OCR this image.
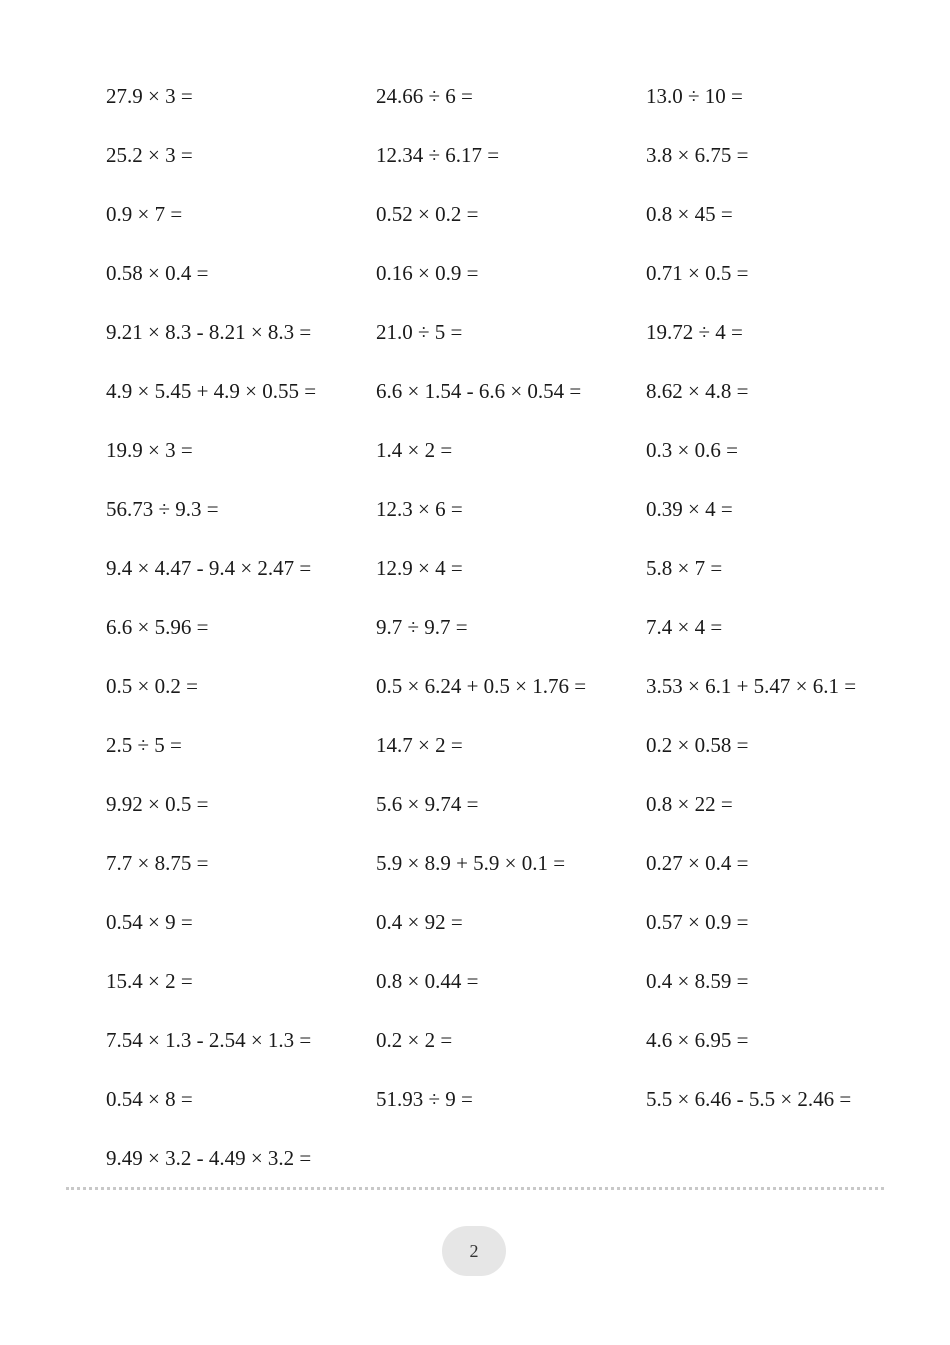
27.9 × 3 =	24.66 ÷ 6 =	13.0 ÷ 10 =
25.2 × 3 =	12.34 ÷ 6.17 =	3.8 × 6.75 =
0.9 × 7 =	0.52 × 0.2 =	0.8 × 45 =
0.58 × 0.4 =	0.16 × 0.9 =	0.71 × 0.5 =
9.21 × 8.3 - 8.21 × 8.3 =	21.0 ÷ 5 =	19.72 ÷ 4 =
4.9 × 5.45 + 4.9 × 0.55 =	6.6 × 1.54 - 6.6 × 0.54 =	8.62 × 4.8 =
19.9 × 3 =	1.4 × 2 =	0.3 × 0.6 =
56.73 ÷ 9.3 =	12.3 × 6 =	0.39 × 4 =
9.4 × 4.47 - 9.4 × 2.47 =	12.9 × 4 =	5.8 × 7 =
6.6 × 5.96 =	9.7 ÷ 9.7 =	7.4 × 4 =
0.5 × 0.2 =	0.5 × 6.24 + 0.5 × 1.76 =	3.53 × 6.1 + 5.47 × 6.1 =
2.5 ÷ 5 =	14.7 × 2 =	0.2 × 0.58 =
9.92 × 0.5 =	5.6 × 9.74 =	0.8 × 22 =
7.7 × 8.75 =	5.9 × 8.9 + 5.9 × 0.1 =	0.27 × 0.4 =
0.54 × 9 =	0.4 × 92 =	0.57 × 0.9 =
15.4 × 2 =	0.8 × 0.44 =	0.4 × 8.59 =
7.54 × 1.3 - 2.54 × 1.3 =	0.2 × 2 =	4.6 × 6.95 =
0.54 × 8 =	51.93 ÷ 9 =	5.5 × 6.46 - 5.5 × 2.46 =
9.49 × 3.2 - 4.49 × 3.2 =
2
